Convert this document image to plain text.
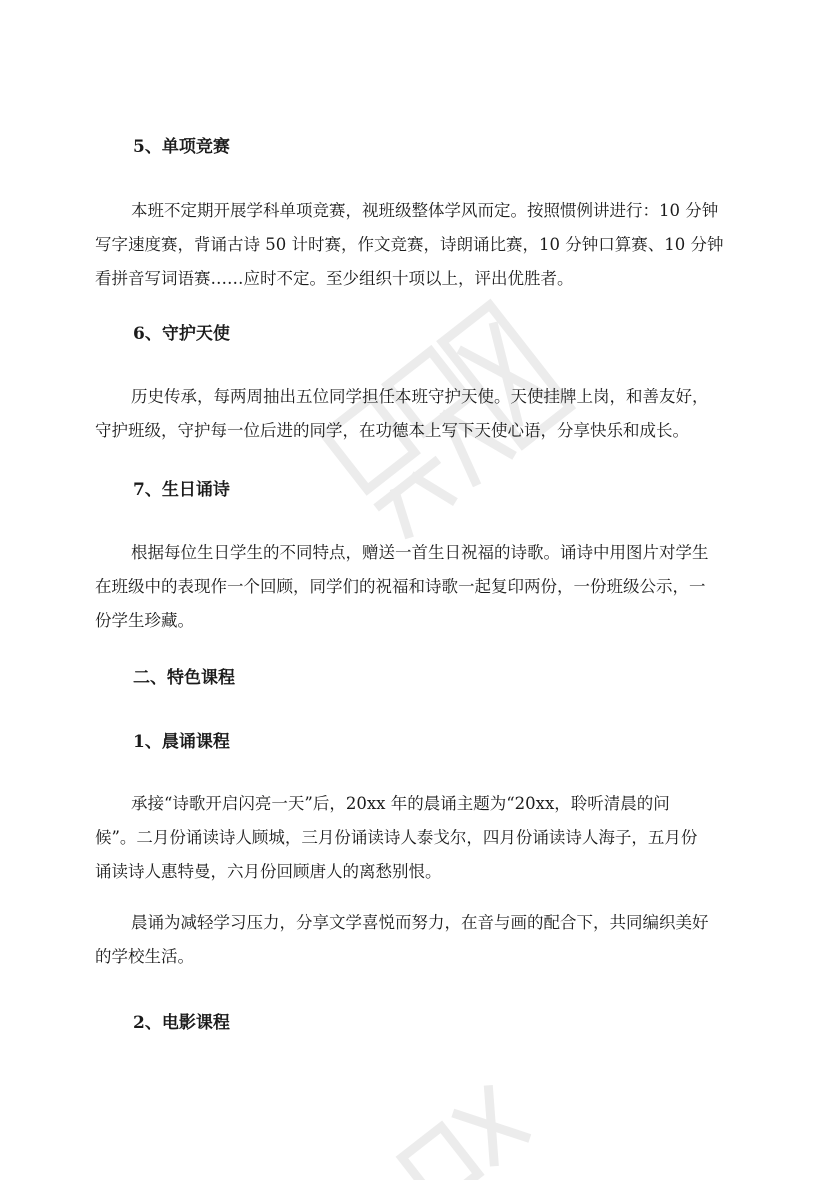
5、单项竞赛

本班不定期开展学科单项竞赛，视班级整体学风而定。按照惯例讲进行：10 分钟
写字速度赛，背诵古诗 50 计时赛，作文竞赛，诗朗诵比赛，10 分钟口算赛、10 分钟
看拼音写词语赛……应时不定。至少组织十项以上，评出优胜者。

6、守护天使

历史传承，每两周抽出五位同学担任本班守护天使。天使挂牌上岗，和善友好，
守护班级，守护每一位后进的同学，在功德本上写下天使心语，分享快乐和成长。

7、生日诵诗

根据每位生日学生的不同特点，赠送一首生日祝福的诗歌。诵诗中用图片对学生
在班级中的表现作一个回顾，同学们的祝福和诗歌一起复印两份，一份班级公示，一
份学生珍藏。

二、特色课程
1、晨诵课程

承接“诗歌开启闪亮一天”后，20xx 年的晨诵主题为“20xx，聆听清晨的问
候”。二月份诵读诗人顾城，三月份诵读诗人泰戈尔，四月份诵读诗人海子，五月份
诵读诗人惠特曼，六月份回顾唐人的离愁别恨。

晨诵为减轻学习压力，分享文学喜悦而努力，在音与画的配合下，共同编织美好
的学校生活。

2、电影课程
